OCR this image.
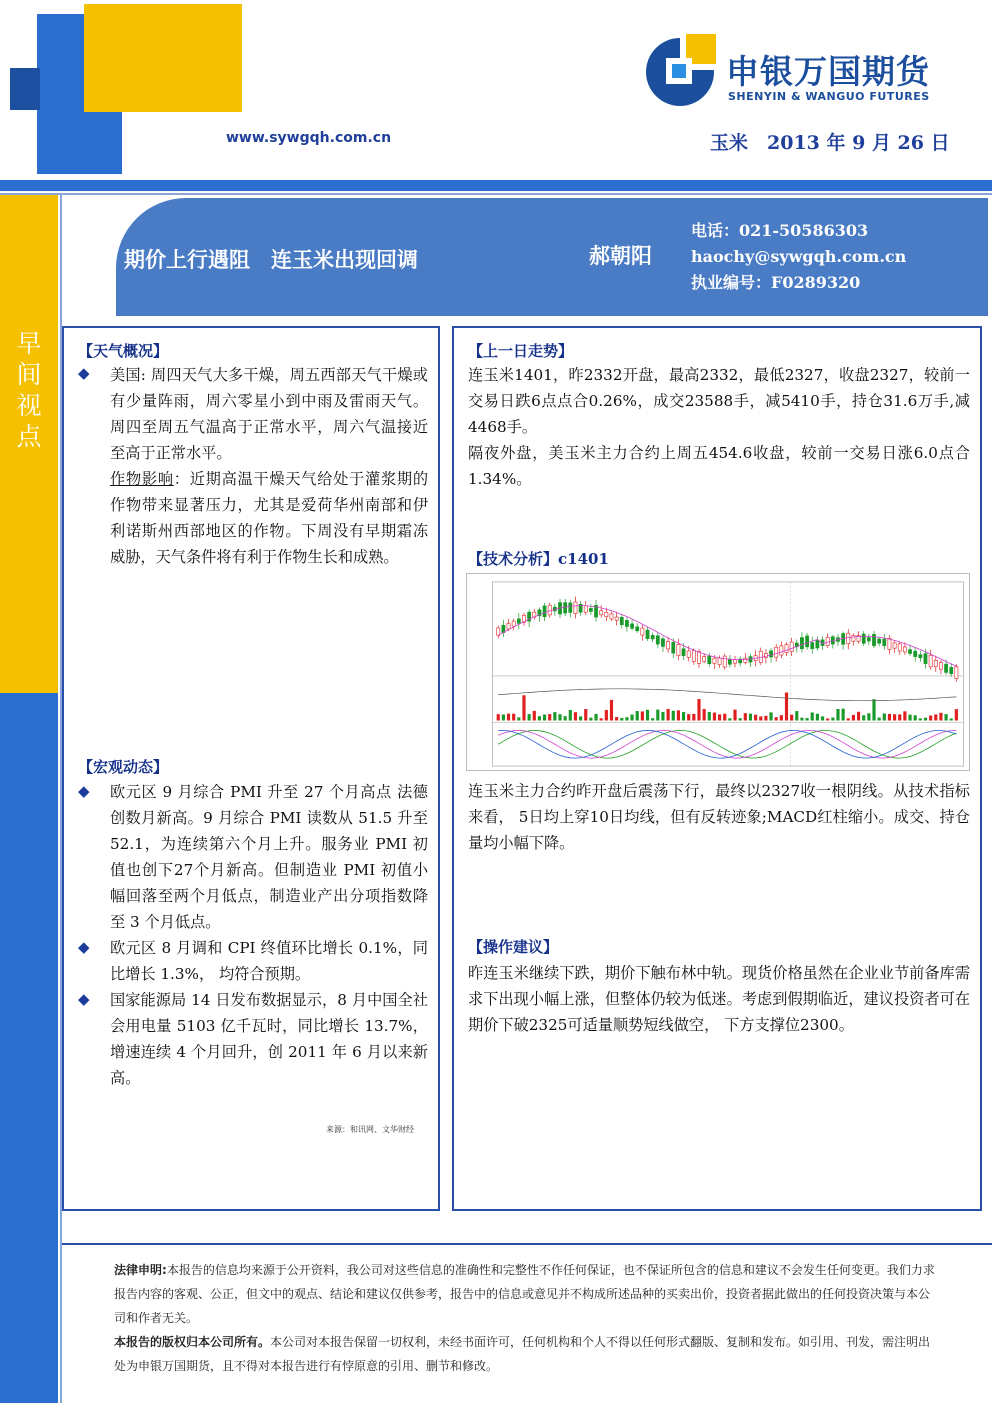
申银万国期货
SHENYIN & WANGUO FUTURES
www.sywgqh.com.cn	玉米　2013 年 9 月 26 日
早间视点
期价上行遇阻　连玉米出现回调	郝朝阳
电话：021-50586303
haochy@sywgqh.com.cn
执业编号：F0289320
【天气概况】
◆ 美国: 周四天气大多干燥，周五西部天气干燥或有少量阵雨，周六零星小到中雨及雷雨天气。周四至周五气温高于正常水平，周六气温接近至高于正常水平。
作物影响：近期高温干燥天气给处于灌浆期的作物带来显著压力，尤其是爱荷华州南部和伊利诺斯州西部地区的作物。下周没有早期霜冻威胁，天气条件将有利于作物生长和成熟。
【宏观动态】
◆ 欧元区 9 月综合 PMI 升至 27 个月高点 法德创数月新高。9 月综合 PMI 读数从 51.5 升至 52.1，为连续第六个月上升。服务业 PMI 初值也创下27个月新高。但制造业 PMI 初值小幅回落至两个月低点，制造业产出分项指数降至 3 个月低点。
◆ 欧元区 8 月调和 CPI 终值环比增长 0.1%，同比增长 1.3%， 均符合预期。
◆ 国家能源局 14 日发布数据显示，8 月中国全社会用电量 5103 亿千瓦时，同比增长 13.7%，增速连续 4 个月回升，创 2011 年 6 月以来新高。
来源：和讯网、文华财经
【上一日走势】
连玉米1401，昨2332开盘，最高2332，最低2327，收盘2327，较前一交易日跌6点点合0.26%，成交23588手，减5410手，持仓31.6万手,减4468手。
隔夜外盘，美玉米主力合约上周五454.6收盘，较前一交易日涨6.0点合1.34%。
【技术分析】c1401
连玉米主力合约昨开盘后震荡下行，最终以2327收一根阴线。从技术指标来看， 5日均上穿10日均线，但有反转迹象;MACD红柱缩小。成交、持仓量均小幅下降。
【操作建议】
昨连玉米继续下跌，期价下触布林中轨。现货价格虽然在企业业节前备库需求下出现小幅上涨，但整体仍较为低迷。考虑到假期临近，建议投资者可在期价下破2325可适量顺势短线做空， 下方支撑位2300。

法律申明:本报告的信息均来源于公开资料，我公司对这些信息的准确性和完整性不作任何保证，也不保证所包含的信息和建议不会发生任何变更。我们力求报告内容的客观、公正，但文中的观点、结论和建议仅供参考，报告中的信息或意见并不构成所述品种的买卖出价，投资者据此做出的任何投资决策与本公司和作者无关。

本报告的版权归本公司所有。本公司对本报告保留一切权利，未经书面许可，任何机构和个人不得以任何形式翻版、复制和发布。如引用、刊发，需注明出处为申银万国期货，且不得对本报告进行有悖原意的引用、删节和修改。
